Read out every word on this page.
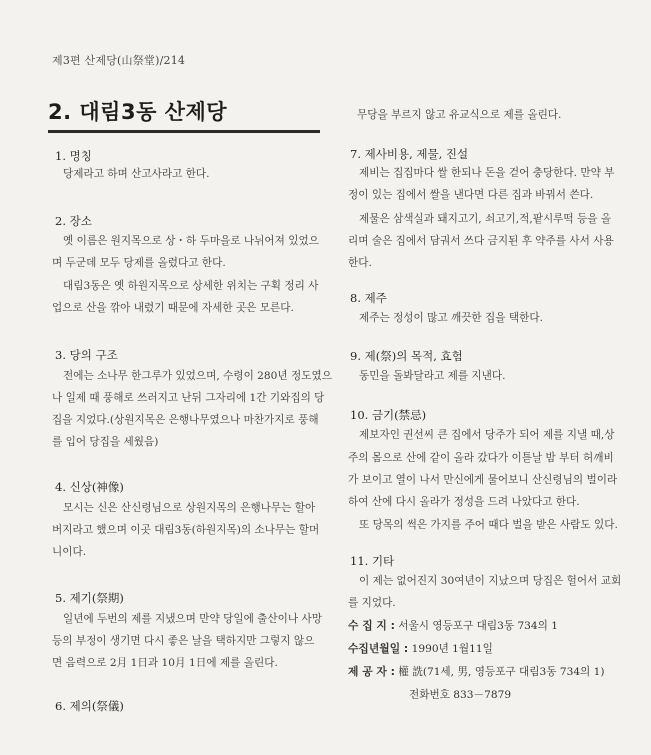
제3편 산제당(山祭堂)/214
2. 대림3동 산제당
1. 명칭
당제라고 하며 산고사라고 한다.
2. 장소
옛 이름은 원지목으로 상・하 두마을로 나뉘어져 있었으
며 두군데 모두 당제를 올렸다고 한다.
대림3동은 옛 하원지목으로 상세한 위치는 구획 정리 사
업으로 산을 깎아 내렸기 때문에 자세한 곳은 모른다.
3. 당의 구조
전에는 소나무 한그루가 있었으며, 수령이 280년 정도였으
나 일제 때 풍해로 쓰러지고 난뒤 그자리에 1간 기와집의 당
집을 지었다.(상원지목은 은행나무였으나 마찬가지로 풍해
를 입어 당집을 세웠음)
4. 신상(神像)
모시는 신은 산신령님으로 상원지목의 은행나무는 할아
버지라고 했으며 이곳 대림3동(하원지목)의 소나무는 할머
니이다.
5. 제기(祭期)
일년에 두번의 제를 지냈으며 만약 당일에 출산이나 사망
등의 부정이 생기면 다시 좋은 날을 택하지만 그렇지 않으
면 음력으로 2月 1日과 10月 1日에 제를 올린다.
6. 제의(祭儀)
무당을 부르지 않고 유교식으로 제를 올린다.
7. 제사비용, 제물, 진설
제비는 집집마다 쌀 한되나 돈을 걷어 충당한다. 만약 부
정이 있는 집에서 쌀을 낸다면 다른 집과 바꿔서 쓴다.
제물은 삼색실과 돼지고기, 쇠고기,적,팥시루떡 등을 올
리며 술은 집에서 담궈서 쓰다 금지된 후 약주를 사서 사용
한다.
8. 제주
제주는 정성이 많고 깨끗한 집을 택한다.
9. 제(祭)의 목적, 효험
동민을 돌봐달라고 제를 지낸다.
10. 금기(禁忌)
제보자인 권선씨 큰 집에서 당주가 되어 제를 지낼 때,상
주의 몸으로 산에 같이 올라 갔다가 이튿날 밤 부터 허깨비
가 보이고 열이 나서 만신에게 물어보니 산신령님의 벌이라
하여 산에 다시 올라가 정성을 드려 나았다고 한다.
또 당목의 썩은 가지를 주어 때다 벌을 받은 사람도 있다.
11. 기타
이 제는 없어진지 30여년이 지났으며 당집은 헐어서 교회
를 지었다.
수 집 지 : 서울시 영등포구 대림3동 734의 1
수집년월일 : 1990년 1월11일
제 공 자 : 權 詵(71세, 男, 영등포구 대림3동 734의 1)
전화번호 833－7879
